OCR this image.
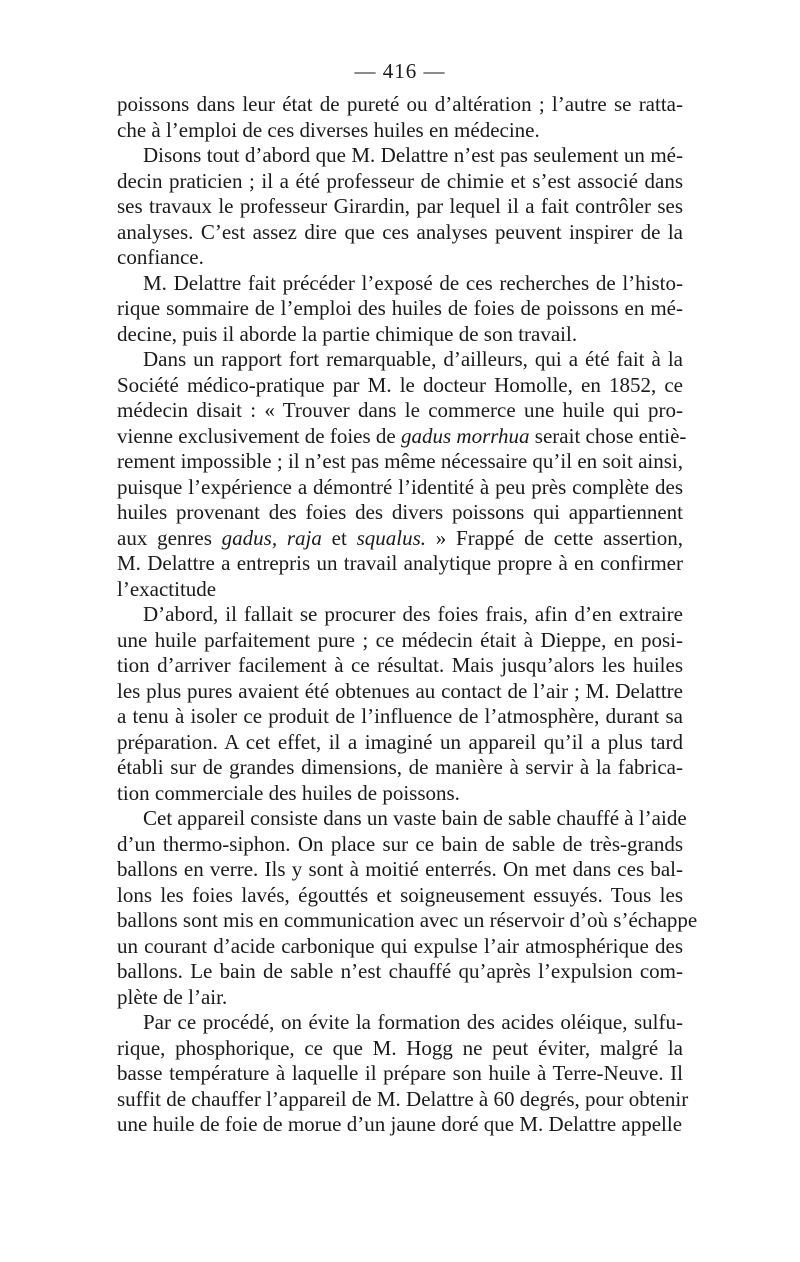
— 416 —
poissons dans leur état de pureté ou d’altération ; l’autre se ratta-
che à l’emploi de ces diverses huiles en médecine.
Disons tout d’abord que M. Delattre n’est pas seulement un mé-
decin praticien ; il a été professeur de chimie et s’est associé dans
ses travaux le professeur Girardin, par lequel il a fait contrôler ses
analyses. C’est assez dire que ces analyses peuvent inspirer de la
confiance.
M. Delattre fait précéder l’exposé de ces recherches de l’histo-
rique sommaire de l’emploi des huiles de foies de poissons en mé-
decine, puis il aborde la partie chimique de son travail.
Dans un rapport fort remarquable, d’ailleurs, qui a été fait à la
Société médico-pratique par M. le docteur Homolle, en 1852, ce
médecin disait : « Trouver dans le commerce une huile qui pro-
vienne exclusivement de foies de gadus morrhua serait chose entiè-
rement impossible ; il n’est pas même nécessaire qu’il en soit ainsi,
puisque l’expérience a démontré l’identité à peu près complète des
huiles provenant des foies des divers poissons qui appartiennent
aux genres gadus, raja et squalus. » Frappé de cette assertion,
M. Delattre a entrepris un travail analytique propre à en confirmer
l’exactitude
D’abord, il fallait se procurer des foies frais, afin d’en extraire
une huile parfaitement pure ; ce médecin était à Dieppe, en posi-
tion d’arriver facilement à ce résultat. Mais jusqu’alors les huiles
les plus pures avaient été obtenues au contact de l’air ; M. Delattre
a tenu à isoler ce produit de l’influence de l’atmosphère, durant sa
préparation. A cet effet, il a imaginé un appareil qu’il a plus tard
établi sur de grandes dimensions, de manière à servir à la fabrica-
tion commerciale des huiles de poissons.
Cet appareil consiste dans un vaste bain de sable chauffé à l’aide
d’un thermo-siphon. On place sur ce bain de sable de très-grands
ballons en verre. Ils y sont à moitié enterrés. On met dans ces bal-
lons les foies lavés, égouttés et soigneusement essuyés. Tous les
ballons sont mis en communication avec un réservoir d’où s’échappe
un courant d’acide carbonique qui expulse l’air atmosphérique des
ballons. Le bain de sable n’est chauffé qu’après l’expulsion com-
plète de l’air.
Par ce procédé, on évite la formation des acides oléique, sulfu-
rique, phosphorique, ce que M. Hogg ne peut éviter, malgré la
basse température à laquelle il prépare son huile à Terre-Neuve. Il
suffit de chauffer l’appareil de M. Delattre à 60 degrés, pour obtenir
une huile de foie de morue d’un jaune doré que M. Delattre appelle
